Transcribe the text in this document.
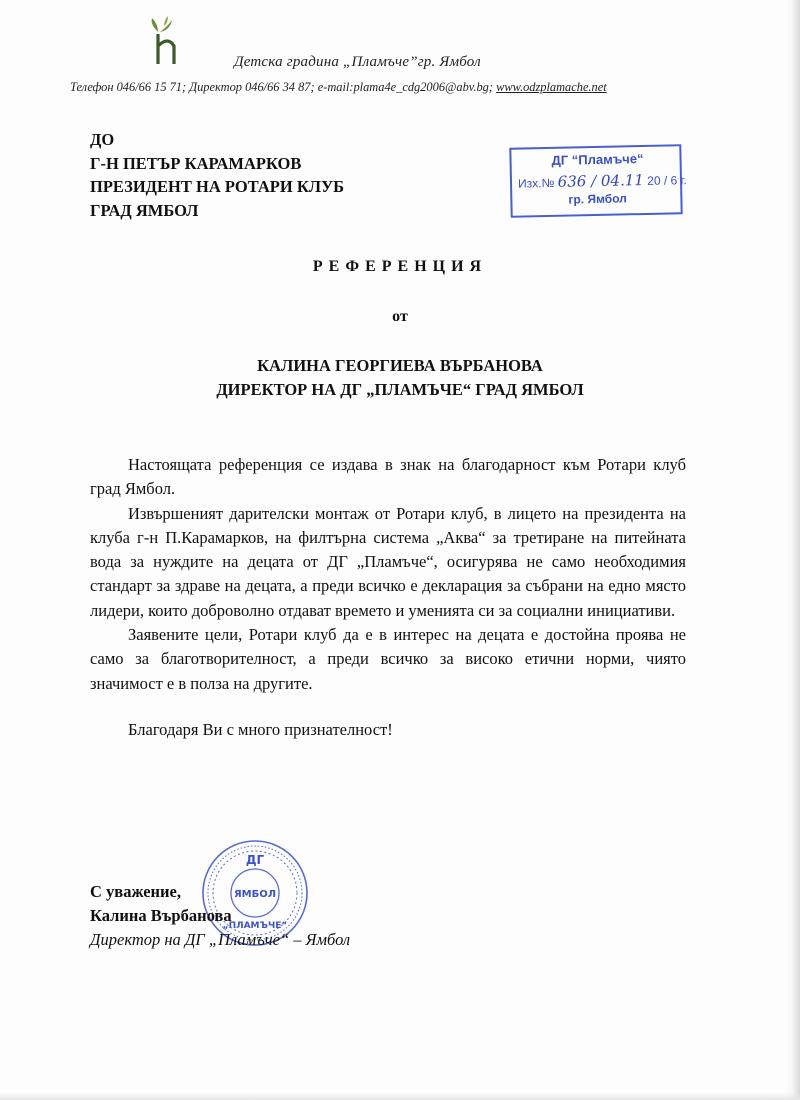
Детска градина „Пламъче”гр. Ямбол
Телефон 046/66 15 71; Директор 046/66 34 87; e-mail:plama4e_cdg2006@abv.bg; www.odzplamache.net
ДО
Г-Н ПЕТЪР КАРАМАРКОВ
ПРЕЗИДЕНТ НА РОТАРИ КЛУБ
ГРАД ЯМБОЛ
ДГ “Пламъче“
Изх.№ 636 / 04.11 20 / 6 г.
гр. Ямбол
РЕФЕРЕНЦИЯ
от
КАЛИНА ГЕОРГИЕВА ВЪРБАНОВА
ДИРЕКТОР НА ДГ „ПЛАМЪЧЕ“ ГРАД ЯМБОЛ

Настоящата референция се издава в знак на благодарност към Ротари клуб град Ямбол.

Извършеният дарителски монтаж от Ротари клуб, в лицето на президента на клуба г-н П.Карамарков, на филтърна система „Аква“ за третиране на питейната вода за нуждите на децата от ДГ „Пламъче“, осигурява не само необходимия стандарт за здраве на децата, а преди всичко е декларация за събрани на едно място лидери, които доброволно отдават времето и уменията си за социални инициативи.

Заявените цели, Ротари клуб да е в интерес на децата е достойна проява не само за благотворителност, а преди всичко за високо етични норми, чиято значимост е в полза на другите.

Благодаря Ви с много признателност!

ДГ
ЯМБОЛ
„ПЛАМЪЧЕ“
С уважение,
Калина Върбанова
Директор на ДГ „Пламъче“ – Ямбол
